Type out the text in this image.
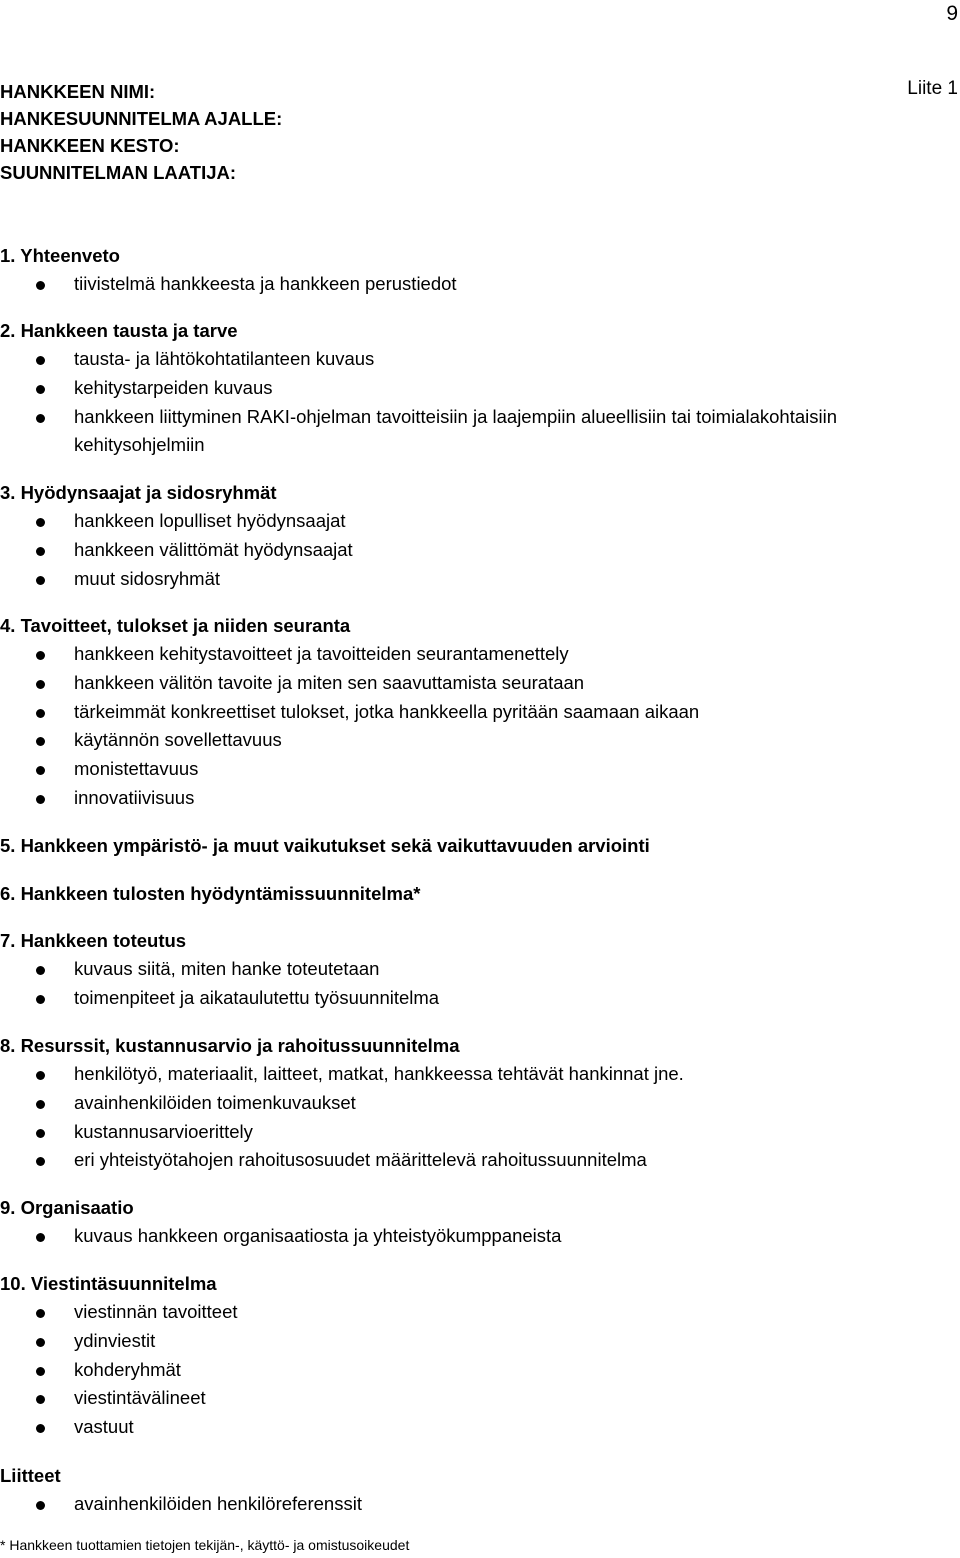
9
Liite 1
HANKKEEN NIMI:
HANKESUUNNITELMA AJALLE:
HANKKEEN KESTO:
SUUNNITELMAN LAATIJA:
1. Yhteenveto
tiivistelmä hankkeesta ja hankkeen perustiedot
2. Hankkeen tausta ja tarve
tausta- ja lähtökohtatilanteen kuvaus
kehitystarpeiden kuvaus
hankkeen liittyminen RAKI-ohjelman tavoitteisiin ja laajempiin alueellisiin tai toimialakohtaisiin kehitysohjelmiin
3. Hyödynsaajat ja sidosryhmät
hankkeen lopulliset hyödynsaajat
hankkeen välittömät hyödynsaajat
muut sidosryhmät
4. Tavoitteet, tulokset ja niiden seuranta
hankkeen kehitystavoitteet ja tavoitteiden seurantamenettely
hankkeen välitön tavoite ja miten sen saavuttamista seurataan
tärkeimmät konkreettiset tulokset, jotka hankkeella pyritään saamaan aikaan
käytännön sovellettavuus
monistettavuus
innovatiivisuus
5. Hankkeen ympäristö- ja muut vaikutukset sekä vaikuttavuuden arviointi
6. Hankkeen tulosten hyödyntämissuunnitelma*
7. Hankkeen toteutus
kuvaus siitä, miten hanke toteutetaan
toimenpiteet ja aikataulutettu työsuunnitelma
8. Resurssit, kustannusarvio ja rahoitussuunnitelma
henkilötyö, materiaalit, laitteet, matkat, hankkeessa tehtävät hankinnat jne.
avainhenkilöiden toimenkuvaukset
kustannusarvioerittely
eri yhteistyötahojen rahoitusosuudet määrittelevä rahoitussuunnitelma
9. Organisaatio
kuvaus hankkeen organisaatiosta ja yhteistyökumppaneista
10. Viestintäsuunnitelma
viestinnän tavoitteet
ydinviestit
kohderyhmät
viestintävälineet
vastuut
Liitteet
avainhenkilöiden henkilöreferenssit
* Hankkeen tuottamien tietojen tekijän-, käyttö- ja omistusoikeudet
